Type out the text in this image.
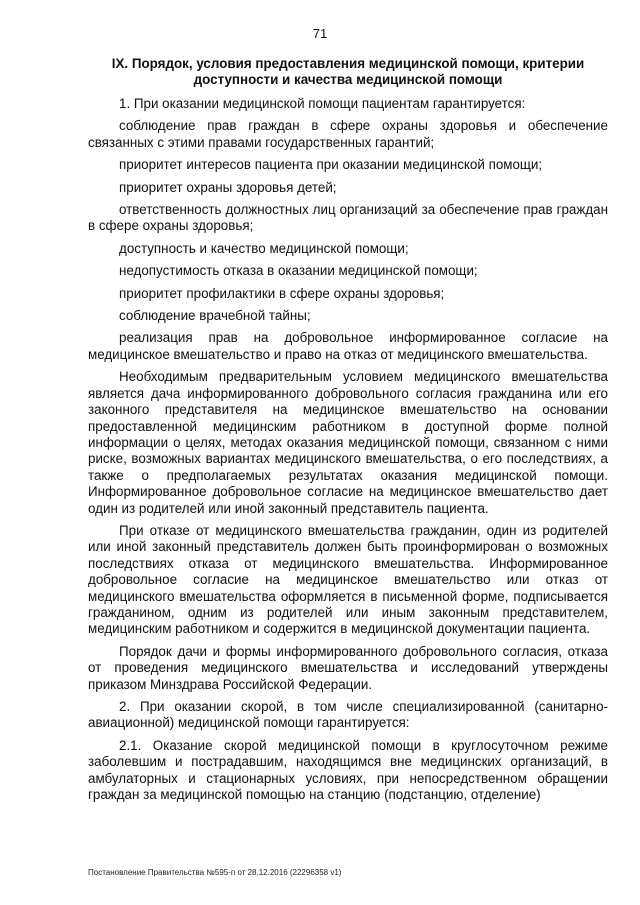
71
IX. Порядок, условия предоставления медицинской помощи, критерии доступности и качества медицинской помощи

1. При оказании медицинской помощи пациентам гарантируется:

соблюдение прав граждан в сфере охраны здоровья и обеспечение связанных с этими правами государственных гарантий;

приоритет интересов пациента при оказании медицинской помощи;

приоритет охраны здоровья детей;

ответственность должностных лиц организаций за обеспечение прав граждан в сфере охраны здоровья;

доступность и качество медицинской помощи;

недопустимость отказа в оказании медицинской помощи;

приоритет профилактики в сфере охраны здоровья;

соблюдение врачебной тайны;

реализация прав на добровольное информированное согласие на медицинское вмешательство и право на отказ от медицинского вмешательства.

Необходимым предварительным условием медицинского вмешательства является дача информированного добровольного согласия гражданина или его законного представителя на медицинское вмешательство на основании предоставленной медицинским работником в доступной форме полной информации о целях, методах оказания медицинской помощи, связанном с ними риске, возможных вариантах медицинского вмешательства, о его последствиях, а также о предполагаемых результатах оказания медицинской помощи. Информированное добровольное согласие на медицинское вмешательство дает один из родителей или иной законный представитель пациента.

При отказе от медицинского вмешательства гражданин, один из родителей или иной законный представитель должен быть проинформирован о возможных последствиях отказа от медицинского вмешательства. Информированное добровольное согласие на медицинское вмешательство или отказ от медицинского вмешательства оформляется в письменной форме, подписывается гражданином, одним из родителей или иным законным представителем, медицинским работником и содержится в медицинской документации пациента.

Порядок дачи и формы информированного добровольного согласия, отказа от проведения медицинского вмешательства и исследований утверждены приказом Минздрава Российской Федерации.

2. При оказании скорой, в том числе специализированной (санитарно-авиационной) медицинской помощи гарантируется:

2.1. Оказание скорой медицинской помощи в круглосуточном режиме заболевшим и пострадавшим, находящимся вне медицинских организаций, в амбулаторных и стационарных условиях, при непосредственном обращении граждан за медицинской помощью на станцию (подстанцию, отделение)

Постановление Правительства №595-п от 28.12.2016 (22296358 v1)
